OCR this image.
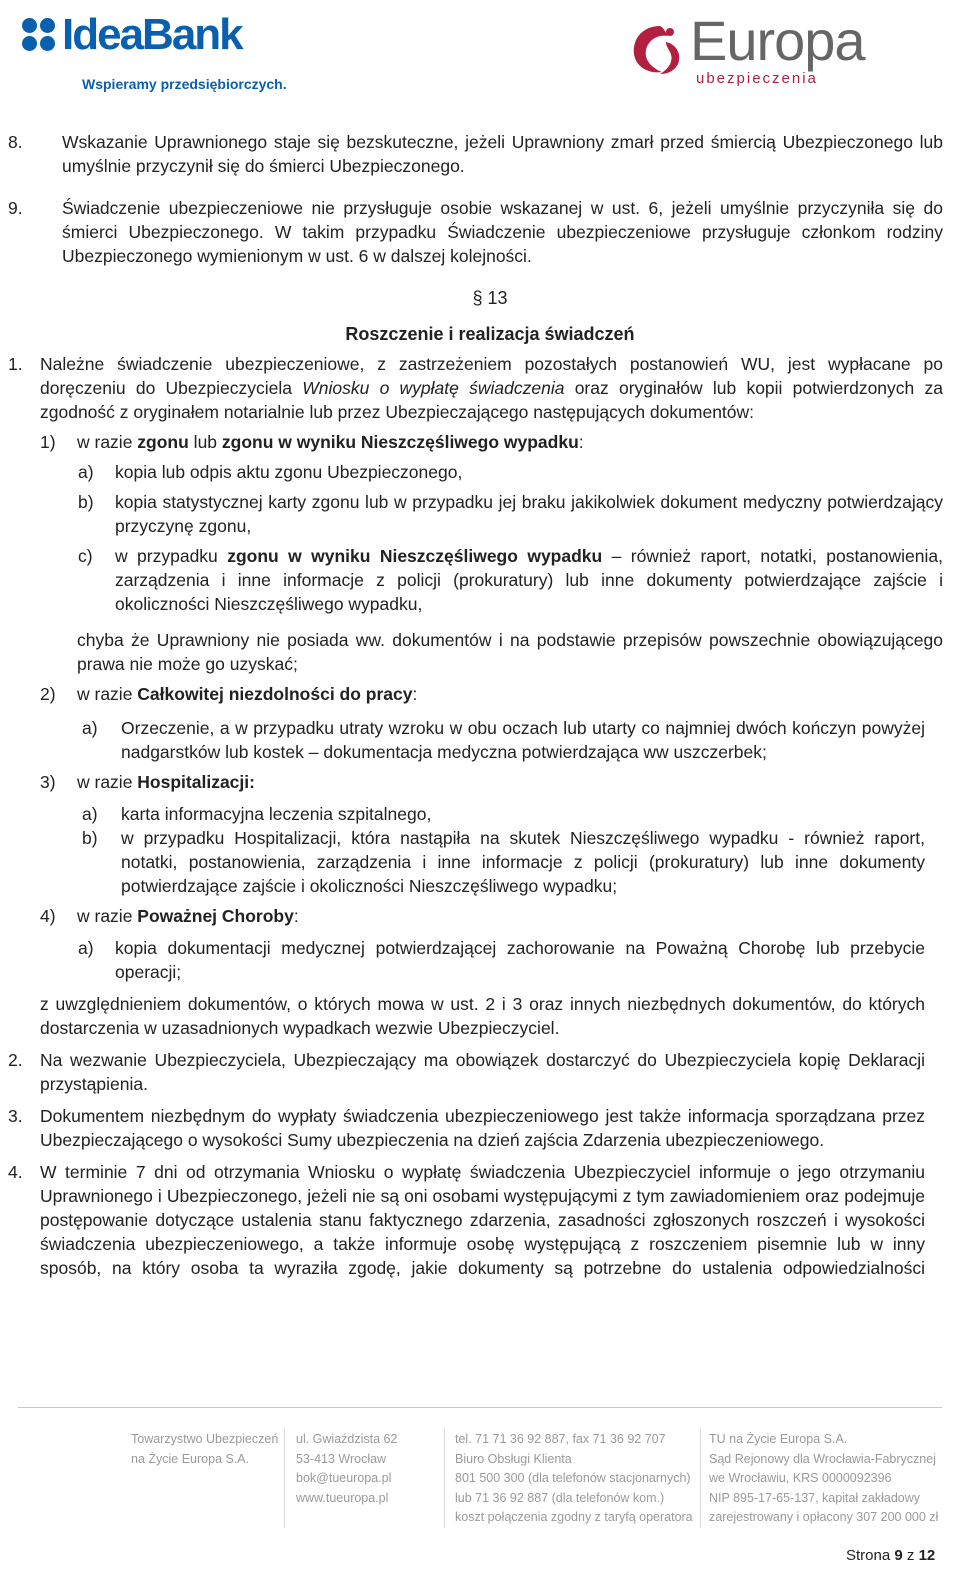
IdeaBank
Wspieramy przedsiębiorczych.
Europa
ubezpieczenia
8. Wskazanie Uprawnionego staje się bezskuteczne, jeżeli Uprawniony zmarł przed śmiercią Ubezpieczonego lub umyślnie przyczynił się do śmierci Ubezpieczonego.
9. Świadczenie ubezpieczeniowe nie przysługuje osobie wskazanej w ust. 6, jeżeli umyślnie przyczyniła się do śmierci Ubezpieczonego. W takim przypadku Świadczenie ubezpieczeniowe przysługuje członkom rodziny Ubezpieczonego wymienionym w ust. 6 w dalszej kolejności.
§ 13
Roszczenie i realizacja świadczeń
1. Należne świadczenie ubezpieczeniowe, z zastrzeżeniem pozostałych postanowień WU, jest wypłacane po doręczeniu do Ubezpieczyciela Wniosku o wypłatę świadczenia oraz oryginałów lub kopii potwierdzonych za zgodność z oryginałem notarialnie lub przez Ubezpieczającego następujących dokumentów:
1) w razie zgonu lub zgonu w wyniku Nieszczęśliwego wypadku:
a) kopia lub odpis aktu zgonu Ubezpieczonego,
b) kopia statystycznej karty zgonu lub w przypadku jej braku jakikolwiek dokument medyczny potwierdzający przyczynę zgonu,
c) w przypadku zgonu w wyniku Nieszczęśliwego wypadku – również raport, notatki, postanowienia, zarządzenia i inne informacje z policji (prokuratury) lub inne dokumenty potwierdzające zajście i okoliczności Nieszczęśliwego wypadku,
chyba że Uprawniony nie posiada ww. dokumentów i na podstawie przepisów powszechnie obowiązującego prawa nie może go uzyskać;
2) w razie Całkowitej niezdolności do pracy:
a) Orzeczenie, a w przypadku utraty wzroku w obu oczach lub utarty co najmniej dwóch kończyn powyżej nadgarstków lub kostek – dokumentacja medyczna potwierdzająca ww uszczerbek;
3) w razie Hospitalizacji:
a) karta informacyjna leczenia szpitalnego,
b) w przypadku Hospitalizacji, która nastąpiła na skutek Nieszczęśliwego wypadku - również raport, notatki, postanowienia, zarządzenia i inne informacje z policji (prokuratury) lub inne dokumenty potwierdzające zajście i okoliczności Nieszczęśliwego wypadku;
4) w razie Poważnej Choroby:
a) kopia dokumentacji medycznej potwierdzającej zachorowanie na Poważną Chorobę lub przebycie operacji;
z uwzględnieniem dokumentów, o których mowa w ust. 2 i 3 oraz innych niezbędnych dokumentów, do których dostarczenia w uzasadnionych wypadkach wezwie Ubezpieczyciel.
2. Na wezwanie Ubezpieczyciela, Ubezpieczający ma obowiązek dostarczyć do Ubezpieczyciela kopię Deklaracji przystąpienia.
3. Dokumentem niezbędnym do wypłaty świadczenia ubezpieczeniowego jest także informacja sporządzana przez Ubezpieczającego o wysokości Sumy ubezpieczenia na dzień zajścia Zdarzenia ubezpieczeniowego.
4. W terminie 7 dni od otrzymania Wniosku o wypłatę świadczenia Ubezpieczyciel informuje o jego otrzymaniu Uprawnionego i Ubezpieczonego, jeżeli nie są oni osobami występującymi z tym zawiadomieniem oraz podejmuje postępowanie dotyczące ustalenia stanu faktycznego zdarzenia, zasadności zgłoszonych roszczeń i wysokości świadczenia ubezpieczeniowego, a także informuje osobę występującą z roszczeniem pisemnie lub w inny sposób, na który osoba ta wyraziła zgodę, jakie dokumenty są potrzebne do ustalenia odpowiedzialności
Towarzystwo Ubezpieczeń
na Życie Europa S.A.
ul. Gwiaździsta 62
53-413 Wrocław
bok@tueuropa.pl
www.tueuropa.pl
tel. 71 71 36 92 887, fax 71 36 92 707
Biuro Obsługi Klienta
801 500 300 (dla telefonów stacjonarnych)
lub 71 36 92 887 (dla telefonów kom.)
koszt połączenia zgodny z taryfą operatora
TU na Życie Europa S.A.
Sąd Rejonowy dla Wrocławia-Fabrycznej
we Wrocławiu, KRS 0000092396
NIP 895-17-65-137, kapitał zakładowy
zarejestrowany i opłacony 307 200 000 zł
Strona 9 z 12
